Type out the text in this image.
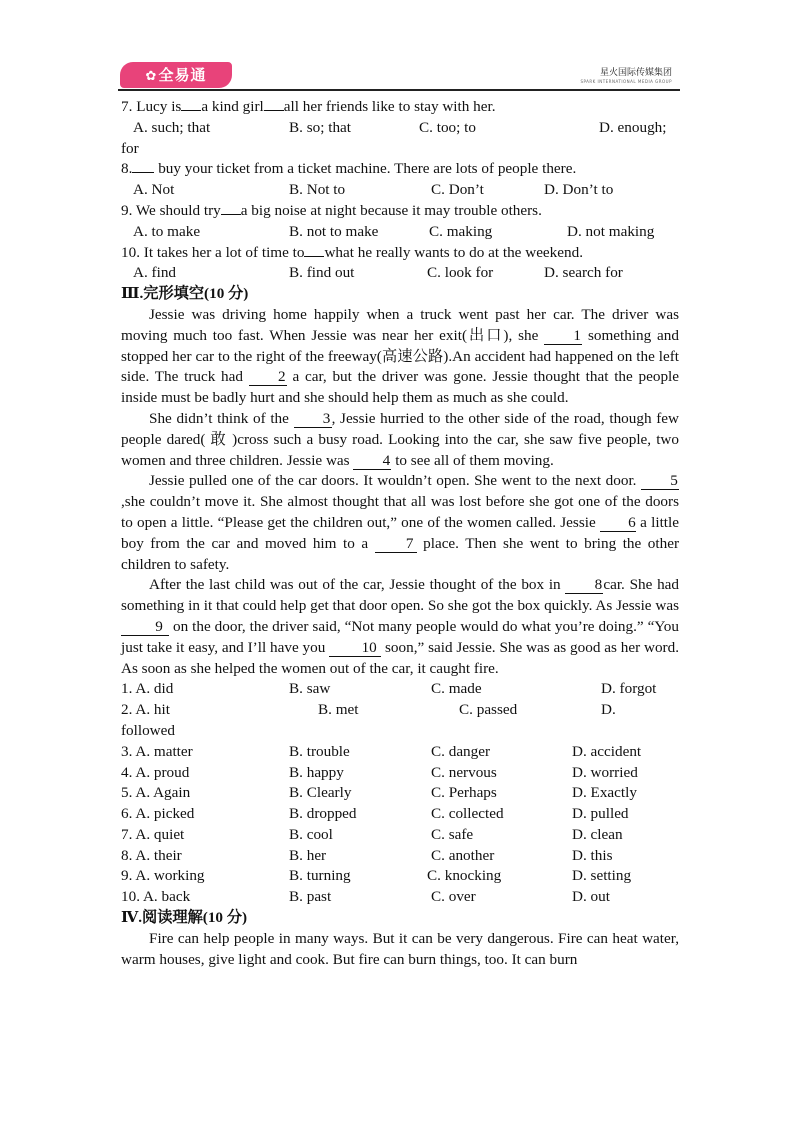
✿全易通	星火国际传媒集团
SPARK INTERNATIONAL MEDIA GROUP
7. Lucy is a kind girl all her friends like to stay with her.
A. such; that	B. so; that	C. too; to	D. enough;
for
8. buy your ticket from a ticket machine. There are lots of people there.
A. Not	B. Not to	C. Don’t	D. Don’t to
9. We should try a big noise at night because it may trouble others.
A. to make	B. not to make	C. making	D. not making
10. It takes her a lot of time to what he really wants to do at the weekend.
A. find	B. find out	C. look for	D. search for
Ⅲ.完形填空(10 分)
Jessie was driving home happily when a truck went past her car. The driver was moving much too fast. When Jessie was near her exit(出口), she 1 something and stopped her car to the right of the freeway(高速公路).An accident had happened on the left side. The truck had 2 a car, but the driver was gone. Jessie thought that the people inside must be badly hurt and she should help them as much as she could.
She didn’t think of the 3, Jessie hurried to the other side of the road, though few people dared( 敢 )cross such a busy road. Looking into the car, she saw five people, two women and three children. Jessie was 4 to see all of them moving.
Jessie pulled one of the car doors. It wouldn’t open. She went to the next door. 5,she couldn’t move it. She almost thought that all was lost before she got one of the doors to open a little. “Please get the children out,” one of the women called. Jessie 6 a little boy from the car and moved him to a 7 place. Then she went to bring the other children to safety.
After the last child was out of the car, Jessie thought of the box in 8car. She had something in it that could help get that door open. So she got the box quickly. As Jessie was 9 on the door, the driver said, “Not many people would do what you’re doing.” “You just take it easy, and I’ll have you 10 soon,” said Jessie. She was as good as her word. As soon as she helped the women out of the car, it caught fire.
1. A. did	B. saw	C. made	D. forgot
2. A. hit	B. met	C. passed	D.
followed
3. A. matter	B. trouble	C. danger	D. accident
4. A. proud	B. happy	C. nervous	D. worried
5. A. Again	B. Clearly	C. Perhaps	D. Exactly
6. A. picked	B. dropped	C. collected	D. pulled
7. A. quiet	B. cool	C. safe	D. clean
8. A. their	B. her	C. another	D. this
9. A. working	B. turning	C. knocking	D. setting
10. A. back	B. past	C. over	D. out
Ⅳ.阅读理解(10 分)
Fire can help people in many ways. But it can be very dangerous. Fire can heat water, warm houses, give light and cook. But fire can burn things, too. It can burn
